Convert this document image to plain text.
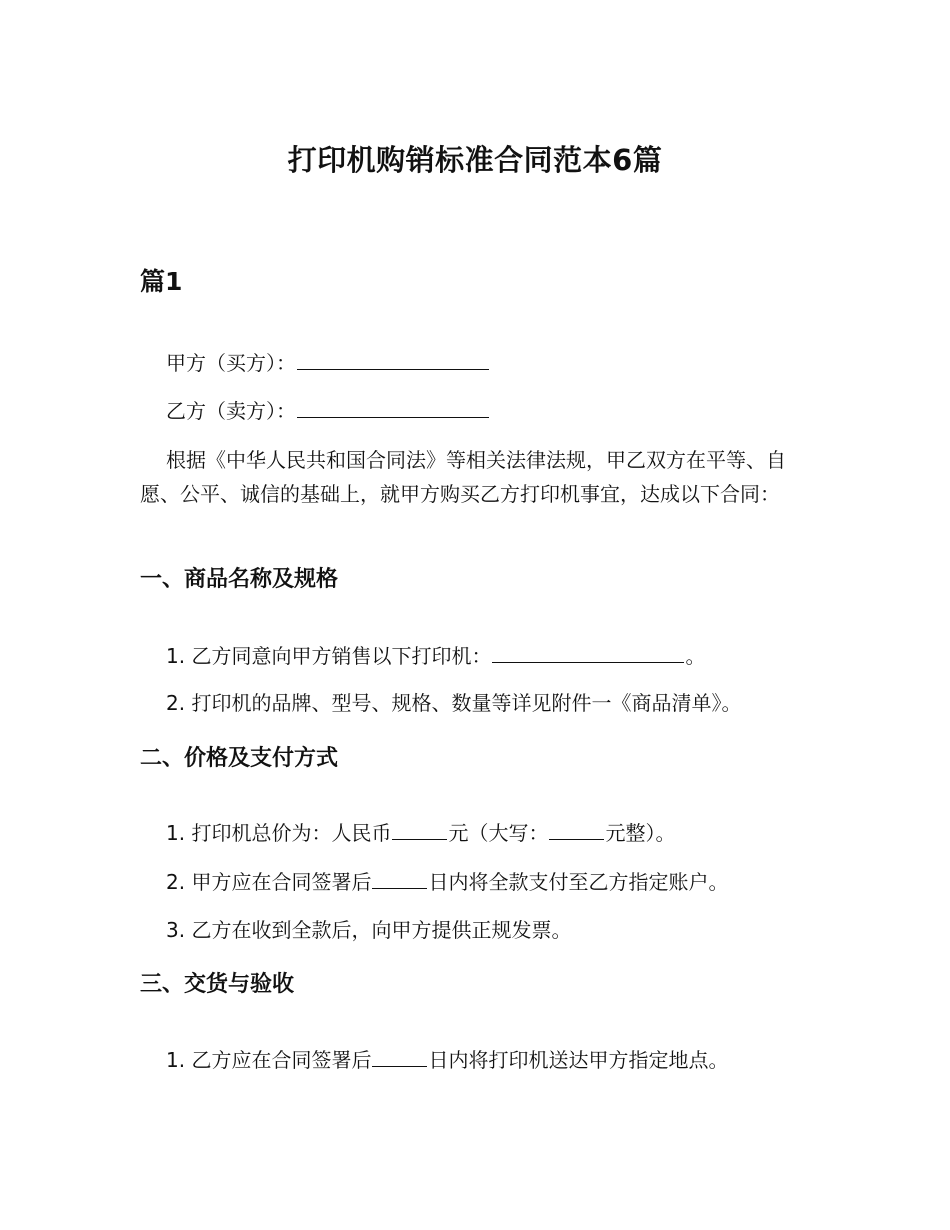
打印机购销标准合同范本6篇
篇1
甲方（买方）：
乙方（卖方）：
根据《中华人民共和国合同法》等相关法律法规，甲乙双方在平等、自愿、公平、诚信的基础上，就甲方购买乙方打印机事宜，达成以下合同：
一、商品名称及规格
1. 乙方同意向甲方销售以下打印机：	。
2. 打印机的品牌、型号、规格、数量等详见附件一《商品清单》。
二、价格及支付方式
1. 打印机总价为：人民币	元（大写：	元整）。
2. 甲方应在合同签署后	日内将全款支付至乙方指定账户。
3. 乙方在收到全款后，向甲方提供正规发票。
三、交货与验收
1. 乙方应在合同签署后	日内将打印机送达甲方指定地点。
